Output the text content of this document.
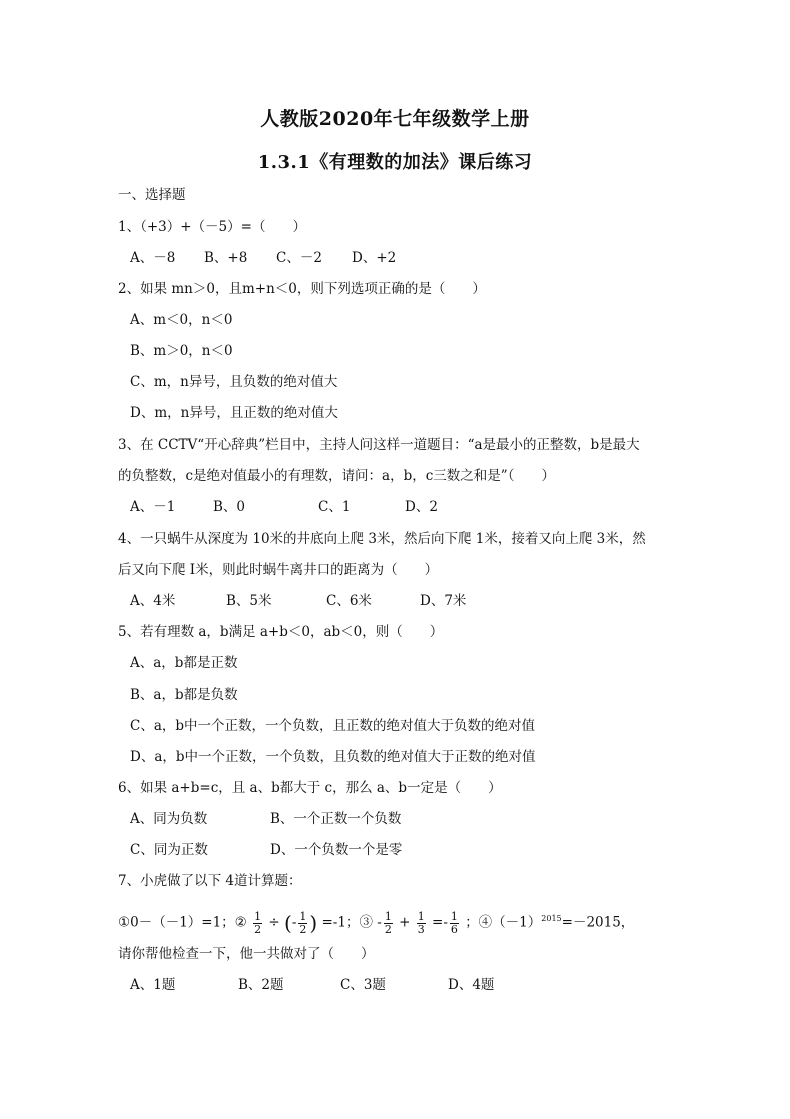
人教版2020年七年级数学上册
1.3.1《有理数的加法》课后练习
一、选择题
1、（+3）+（－5）=（　　）
A、－8 B、+8 C、－2 D、+2
2、如果 mn＞0，且m+n＜0，则下列选项正确的是（　　）
A、m＜0，n＜0
B、m＞0，n＜0
C、m，n异号，且负数的绝对值大
D、m，n异号，且正数的绝对值大
3、在 CCTV“开心辞典”栏目中，主持人问这样一道题目：“a是最小的正整数，b是最大
的负整数，c是绝对值最小的有理数，请问：a，b，c三数之和是”（　　）
A、－1	B、0	C、1	D、2
4、一只蜗牛从深度为 10米的井底向上爬 3米，然后向下爬 1米，接着又向上爬 3米，然
后又向下爬 I米，则此时蜗牛离井口的距离为（　　）
A、4米	B、5米	C、6米	D、7米
5、若有理数 a，b满足 a+b＜0，ab＜0，则（　　）
A、a，b都是正数
B、a，b都是负数
C、a，b中一个正数，一个负数，且正数的绝对值大于负数的绝对值
D、a，b中一个正数，一个负数，且负数的绝对值大于正数的绝对值
6、如果 a+b=c，且 a、b都大于 c，那么 a、b一定是（　　）
A、同为负数	B、一个正数一个负数
C、同为正数	D、一个负数一个是零
7、小虎做了以下 4道计算题：
①0－（－1）=1；② $\frac{1}{2}$ ÷ (- $\frac{1}{2}$ ) =-1；③ - $\frac{1}{2} + \frac{1}{3} =- \frac{1}{6}$ ；$④(-1)^{2015}=-2015$，
请你帮他检查一下，他一共做对了（　　）
A、1题	B、2题	C、3题	D、4题
